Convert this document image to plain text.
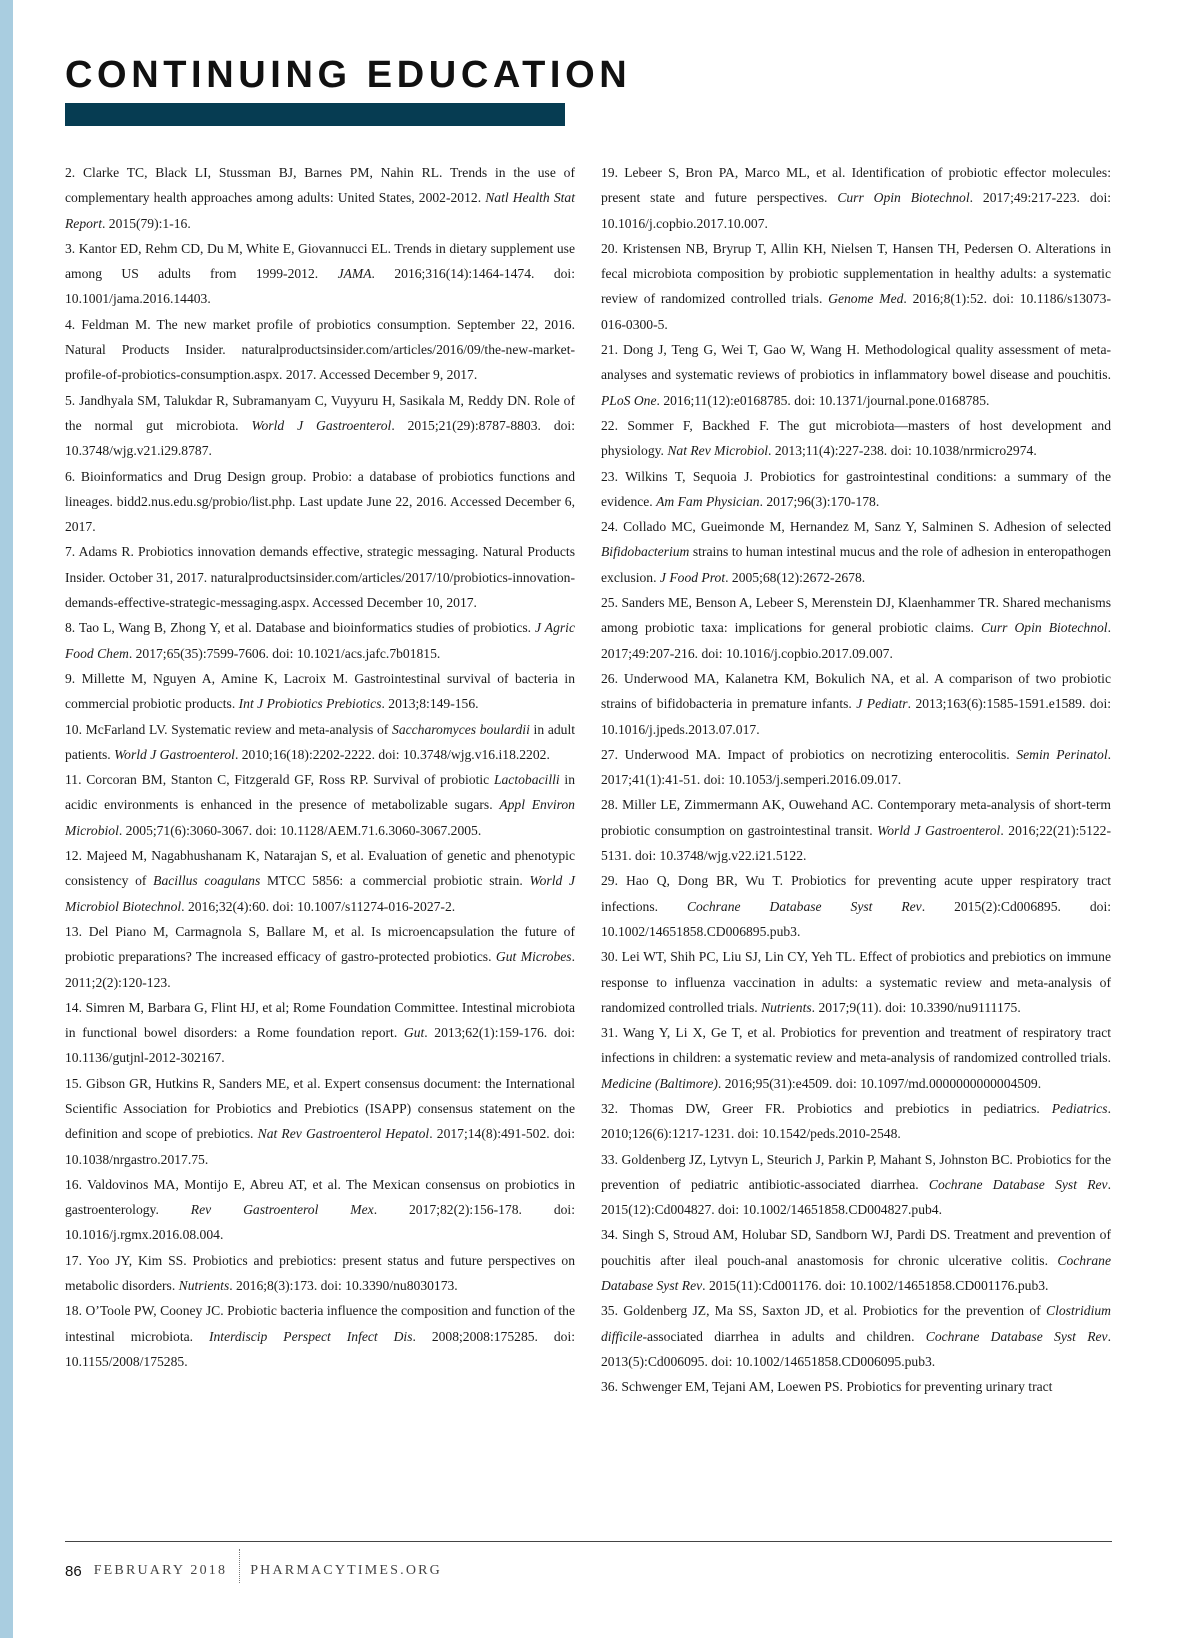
CONTINUING EDUCATION

2. Clarke TC, Black LI, Stussman BJ, Barnes PM, Nahin RL. Trends in the use of complementary health approaches among adults: United States, 2002-2012. Natl Health Stat Report. 2015(79):1-16.

3. Kantor ED, Rehm CD, Du M, White E, Giovannucci EL. Trends in dietary supplement use among US adults from 1999-2012. JAMA. 2016;316(14):1464-1474. doi: 10.1001/jama.2016.14403.

4. Feldman M. The new market profile of probiotics consumption. September 22, 2016. Natural Products Insider. naturalproductsinsider.com/articles/2016/09/the-new-market-profile-of-probiotics-consumption.aspx. 2017. Accessed December 9, 2017.

5. Jandhyala SM, Talukdar R, Subramanyam C, Vuyyuru H, Sasikala M, Reddy DN. Role of the normal gut microbiota. World J Gastroenterol. 2015;21(29):8787-8803. doi: 10.3748/wjg.v21.i29.8787.

6. Bioinformatics and Drug Design group. Probio: a database of probiotics functions and lineages. bidd2.nus.edu.sg/probio/list.php. Last update June 22, 2016. Accessed December 6, 2017.

7. Adams R. Probiotics innovation demands effective, strategic messaging. Natural Products Insider. October 31, 2017. naturalproductsinsider.com/articles/2017/10/probiotics-innovation-demands-effective-strategic-messaging.aspx. Accessed December 10, 2017.

8. Tao L, Wang B, Zhong Y, et al. Database and bioinformatics studies of probiotics. J Agric Food Chem. 2017;65(35):7599-7606. doi: 10.1021/acs.jafc.7b01815.

9. Millette M, Nguyen A, Amine K, Lacroix M. Gastrointestinal survival of bacteria in commercial probiotic products. Int J Probiotics Prebiotics. 2013;8:149-156.

10. McFarland LV. Systematic review and meta-analysis of Saccharomyces boulardii in adult patients. World J Gastroenterol. 2010;16(18):2202-2222. doi: 10.3748/wjg.v16.i18.2202.

11. Corcoran BM, Stanton C, Fitzgerald GF, Ross RP. Survival of probiotic Lactobacilli in acidic environments is enhanced in the presence of metabolizable sugars. Appl Environ Microbiol. 2005;71(6):3060-3067. doi: 10.1128/AEM.71.6.3060-3067.2005.

12. Majeed M, Nagabhushanam K, Natarajan S, et al. Evaluation of genetic and phenotypic consistency of Bacillus coagulans MTCC 5856: a commercial probiotic strain. World J Microbiol Biotechnol. 2016;32(4):60. doi: 10.1007/s11274-016-2027-2.

13. Del Piano M, Carmagnola S, Ballare M, et al. Is microencapsulation the future of probiotic preparations? The increased efficacy of gastro-protected probiotics. Gut Microbes. 2011;2(2):120-123.

14. Simren M, Barbara G, Flint HJ, et al; Rome Foundation Committee. Intestinal microbiota in functional bowel disorders: a Rome foundation report. Gut. 2013;62(1):159-176. doi: 10.1136/gutjnl-2012-302167.

15. Gibson GR, Hutkins R, Sanders ME, et al. Expert consensus document: the International Scientific Association for Probiotics and Prebiotics (ISAPP) consensus statement on the definition and scope of prebiotics. Nat Rev Gastroenterol Hepatol. 2017;14(8):491-502. doi: 10.1038/nrgastro.2017.75.

16. Valdovinos MA, Montijo E, Abreu AT, et al. The Mexican consensus on probiotics in gastroenterology. Rev Gastroenterol Mex. 2017;82(2):156-178. doi: 10.1016/j.rgmx.2016.08.004.

17. Yoo JY, Kim SS. Probiotics and prebiotics: present status and future perspectives on metabolic disorders. Nutrients. 2016;8(3):173. doi: 10.3390/nu8030173.

18. O’Toole PW, Cooney JC. Probiotic bacteria influence the composition and function of the intestinal microbiota. Interdiscip Perspect Infect Dis. 2008;2008:175285. doi: 10.1155/2008/175285.

19. Lebeer S, Bron PA, Marco ML, et al. Identification of probiotic effector molecules: present state and future perspectives. Curr Opin Biotechnol. 2017;49:217-223. doi: 10.1016/j.copbio.2017.10.007.

20. Kristensen NB, Bryrup T, Allin KH, Nielsen T, Hansen TH, Pedersen O. Alterations in fecal microbiota composition by probiotic supplementation in healthy adults: a systematic review of randomized controlled trials. Genome Med. 2016;8(1):52. doi: 10.1186/s13073-016-0300-5.

21. Dong J, Teng G, Wei T, Gao W, Wang H. Methodological quality assessment of meta-analyses and systematic reviews of probiotics in inflammatory bowel disease and pouchitis. PLoS One. 2016;11(12):e0168785. doi: 10.1371/journal.pone.0168785.

22. Sommer F, Backhed F. The gut microbiota—masters of host development and physiology. Nat Rev Microbiol. 2013;11(4):227-238. doi: 10.1038/nrmicro2974.

23. Wilkins T, Sequoia J. Probiotics for gastrointestinal conditions: a summary of the evidence. Am Fam Physician. 2017;96(3):170-178.

24. Collado MC, Gueimonde M, Hernandez M, Sanz Y, Salminen S. Adhesion of selected Bifidobacterium strains to human intestinal mucus and the role of adhesion in enteropathogen exclusion. J Food Prot. 2005;68(12):2672-2678.

25. Sanders ME, Benson A, Lebeer S, Merenstein DJ, Klaenhammer TR. Shared mechanisms among probiotic taxa: implications for general probiotic claims. Curr Opin Biotechnol. 2017;49:207-216. doi: 10.1016/j.copbio.2017.09.007.

26. Underwood MA, Kalanetra KM, Bokulich NA, et al. A comparison of two probiotic strains of bifidobacteria in premature infants. J Pediatr. 2013;163(6):1585-1591.e1589. doi: 10.1016/j.jpeds.2013.07.017.

27. Underwood MA. Impact of probiotics on necrotizing enterocolitis. Semin Perinatol. 2017;41(1):41-51. doi: 10.1053/j.semperi.2016.09.017.

28. Miller LE, Zimmermann AK, Ouwehand AC. Contemporary meta-analysis of short-term probiotic consumption on gastrointestinal transit. World J Gastroenterol. 2016;22(21):5122-5131. doi: 10.3748/wjg.v22.i21.5122.

29. Hao Q, Dong BR, Wu T. Probiotics for preventing acute upper respiratory tract infections. Cochrane Database Syst Rev. 2015(2):Cd006895. doi: 10.1002/14651858.CD006895.pub3.

30. Lei WT, Shih PC, Liu SJ, Lin CY, Yeh TL. Effect of probiotics and prebiotics on immune response to influenza vaccination in adults: a systematic review and meta-analysis of randomized controlled trials. Nutrients. 2017;9(11). doi: 10.3390/nu9111175.

31. Wang Y, Li X, Ge T, et al. Probiotics for prevention and treatment of respiratory tract infections in children: a systematic review and meta-analysis of randomized controlled trials. Medicine (Baltimore). 2016;95(31):e4509. doi: 10.1097/md.0000000000004509.

32. Thomas DW, Greer FR. Probiotics and prebiotics in pediatrics. Pediatrics. 2010;126(6):1217-1231. doi: 10.1542/peds.2010-2548.

33. Goldenberg JZ, Lytvyn L, Steurich J, Parkin P, Mahant S, Johnston BC. Probiotics for the prevention of pediatric antibiotic-associated diarrhea. Cochrane Database Syst Rev. 2015(12):Cd004827. doi: 10.1002/14651858.CD004827.pub4.

34. Singh S, Stroud AM, Holubar SD, Sandborn WJ, Pardi DS. Treatment and prevention of pouchitis after ileal pouch-anal anastomosis for chronic ulcerative colitis. Cochrane Database Syst Rev. 2015(11):Cd001176. doi: 10.1002/14651858.CD001176.pub3.

35. Goldenberg JZ, Ma SS, Saxton JD, et al. Probiotics for the prevention of Clostridium difficile-associated diarrhea in adults and children. Cochrane Database Syst Rev. 2013(5):Cd006095. doi: 10.1002/14651858.CD006095.pub3.

36. Schwenger EM, Tejani AM, Loewen PS. Probiotics for preventing urinary tract

86 FEBRUARY 2018 PHARMACYTIMES.ORG
